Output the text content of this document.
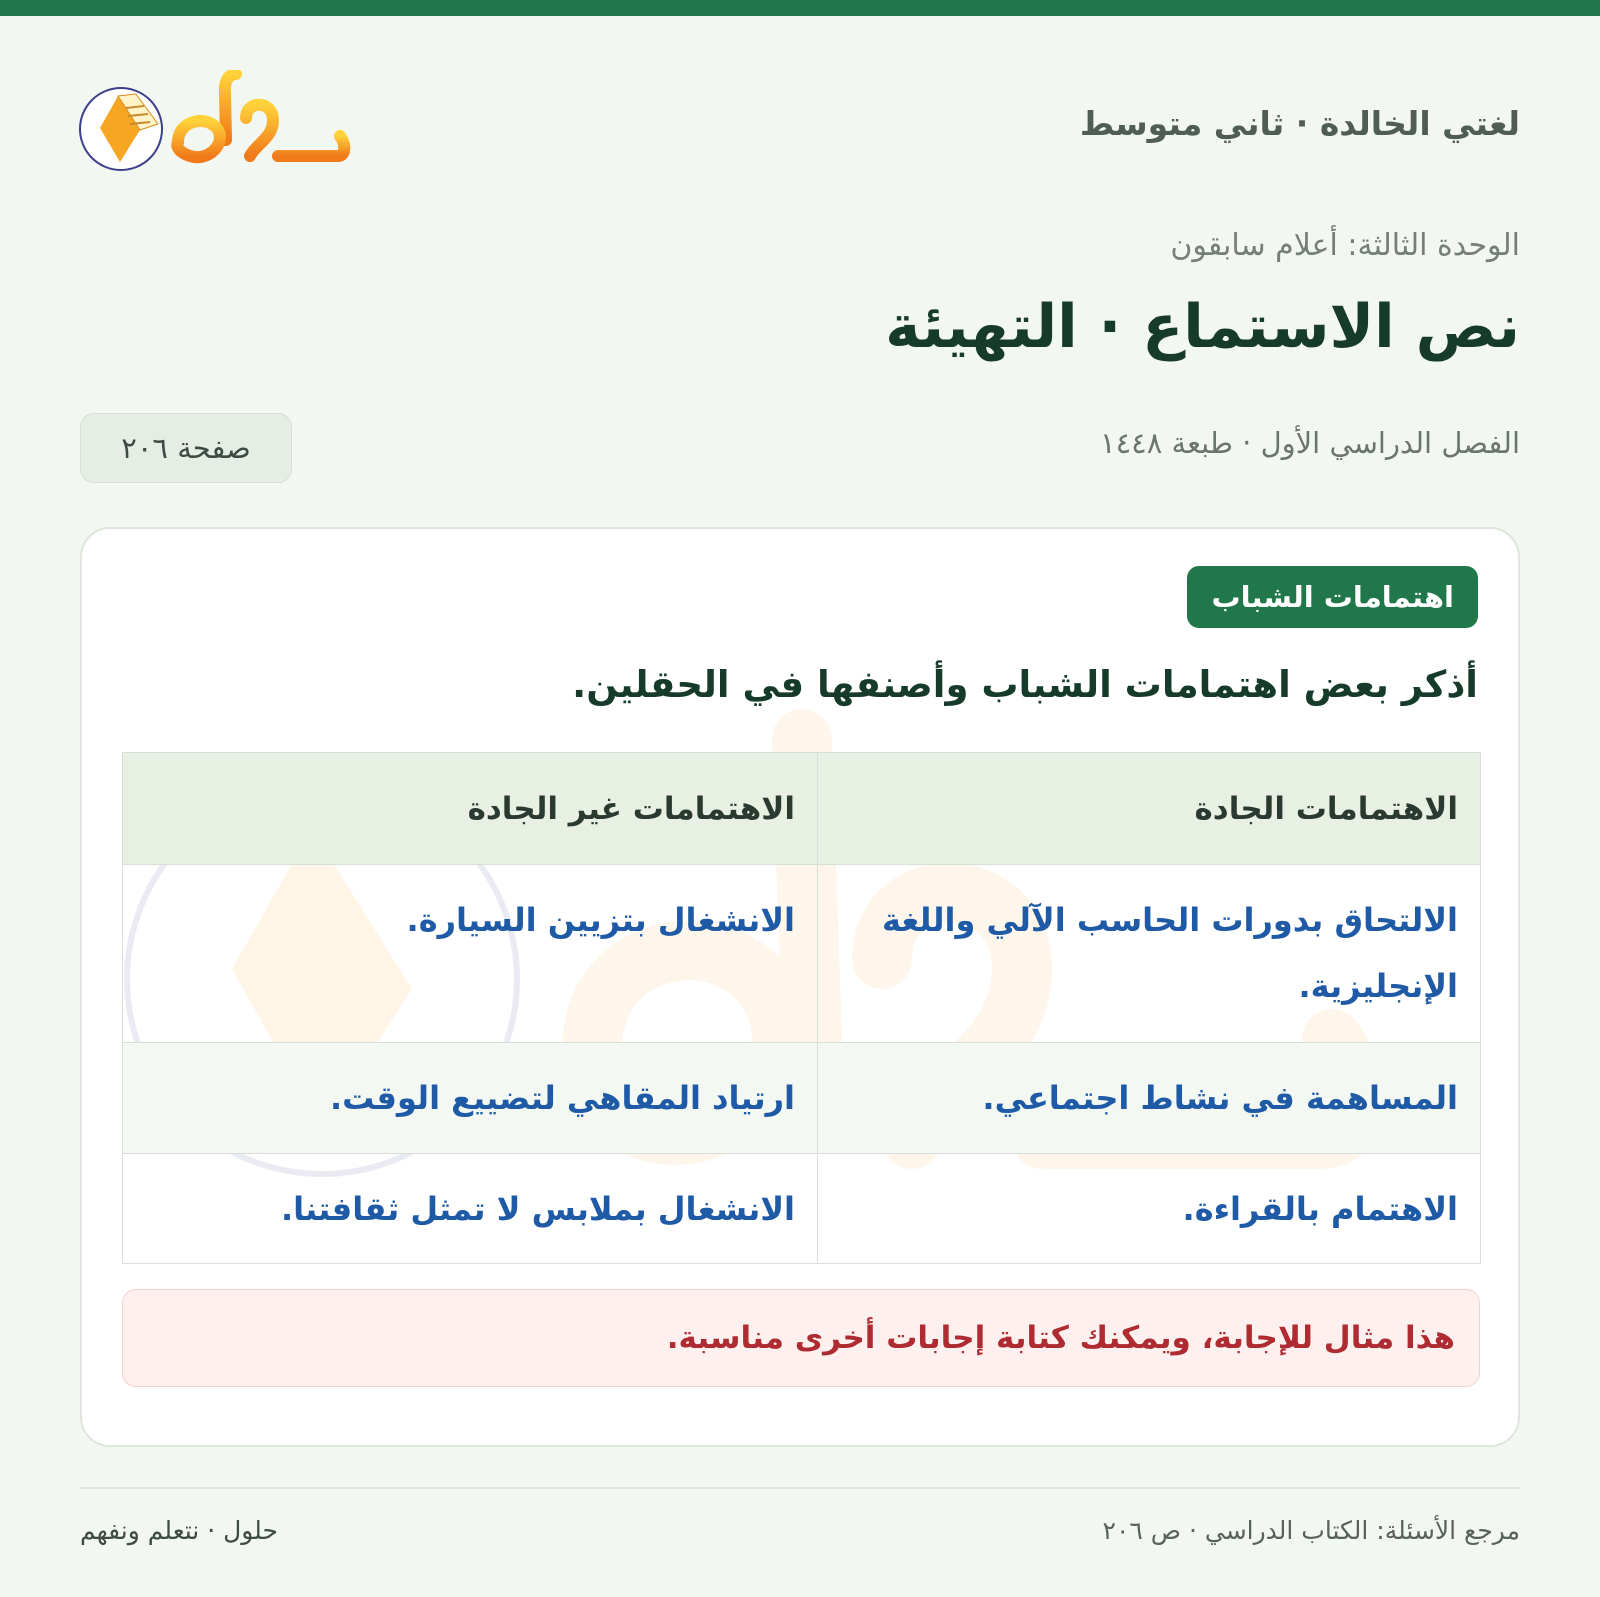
لغتي الخالدة · ثاني متوسط
الوحدة الثالثة: أعلام سابقون
نص الاستماع · التهيئة
الفصل الدراسي الأول · طبعة ١٤٤٨
صفحة ٢٠٦
اهتمامات الشباب
أذكر بعض اهتمامات الشباب وأصنفها في الحقلين.
الاهتمامات الجادة	الاهتمامات غير الجادة
الالتحاق بدورات الحاسب الآلي واللغة الإنجليزية.	الانشغال بتزيين السيارة.
المساهمة في نشاط اجتماعي.	ارتياد المقاهي لتضييع الوقت.
الاهتمام بالقراءة.	الانشغال بملابس لا تمثل ثقافتنا.
هذا مثال للإجابة، ويمكنك كتابة إجابات أخرى مناسبة.
مرجع الأسئلة: الكتاب الدراسي · ص ٢٠٦
حلول · نتعلم ونفهم
